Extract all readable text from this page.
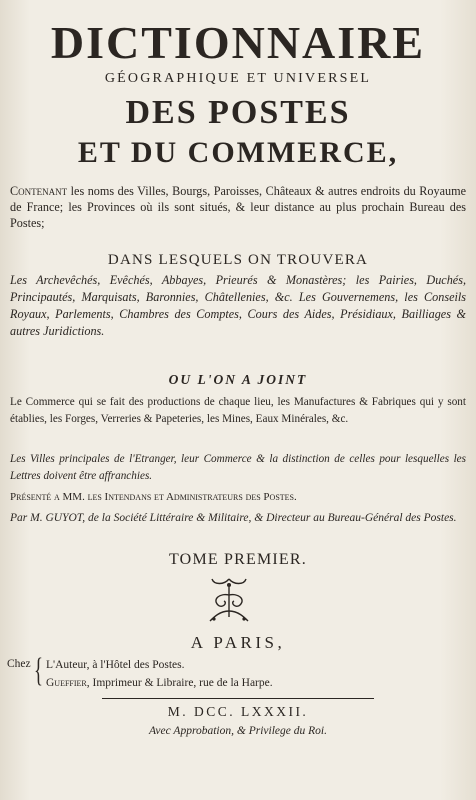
DICTIONNAIRE
GÉOGRAPHIQUE ET UNIVERSEL
DES POSTES
ET DU COMMERCE,
Contenant les noms des Villes, Bourgs, Paroisses, Châteaux & autres endroits du Royaume de France; les Provinces où ils sont situés, & leur distance au plus prochain Bureau des Postes;
DANS LESQUELS ON TROUVERA
Les Archevêchés, Evêchés, Abbayes, Prieurés & Monastères; les Pairies, Duchés, Principautés, Marquisats, Baronnies, Châtellenies, &c. Les Gouvernemens, les Conseils Royaux, Parlements, Chambres des Comptes, Cours des Aides, Présidiaux, Bailliages & autres Juridictions.
OU L'ON A JOINT
Le Commerce qui se fait des productions de chaque lieu, les Manufactures & Fabriques qui y sont établies, les Forges, Verreries & Papeteries, les Mines, Eaux Minérales, &c.
Les Villes principales de l'Etranger, leur Commerce & la distinction de celles pour lesquelles les Lettres doivent être affranchies.
Présenté a MM. les Intendans et Administrateurs des Postes.
Par M. GUYOT, de la Société Littéraire & Militaire, & Directeur au Bureau-Général des Postes.
TOME PREMIER.
A PARIS,
Chez { L'Auteur, à l'Hôtel des Postes.
Gueffier, Imprimeur & Libraire, rue de la Harpe.
M. DCC. LXXXII.
Avec Approbation, & Privilege du Roi.
